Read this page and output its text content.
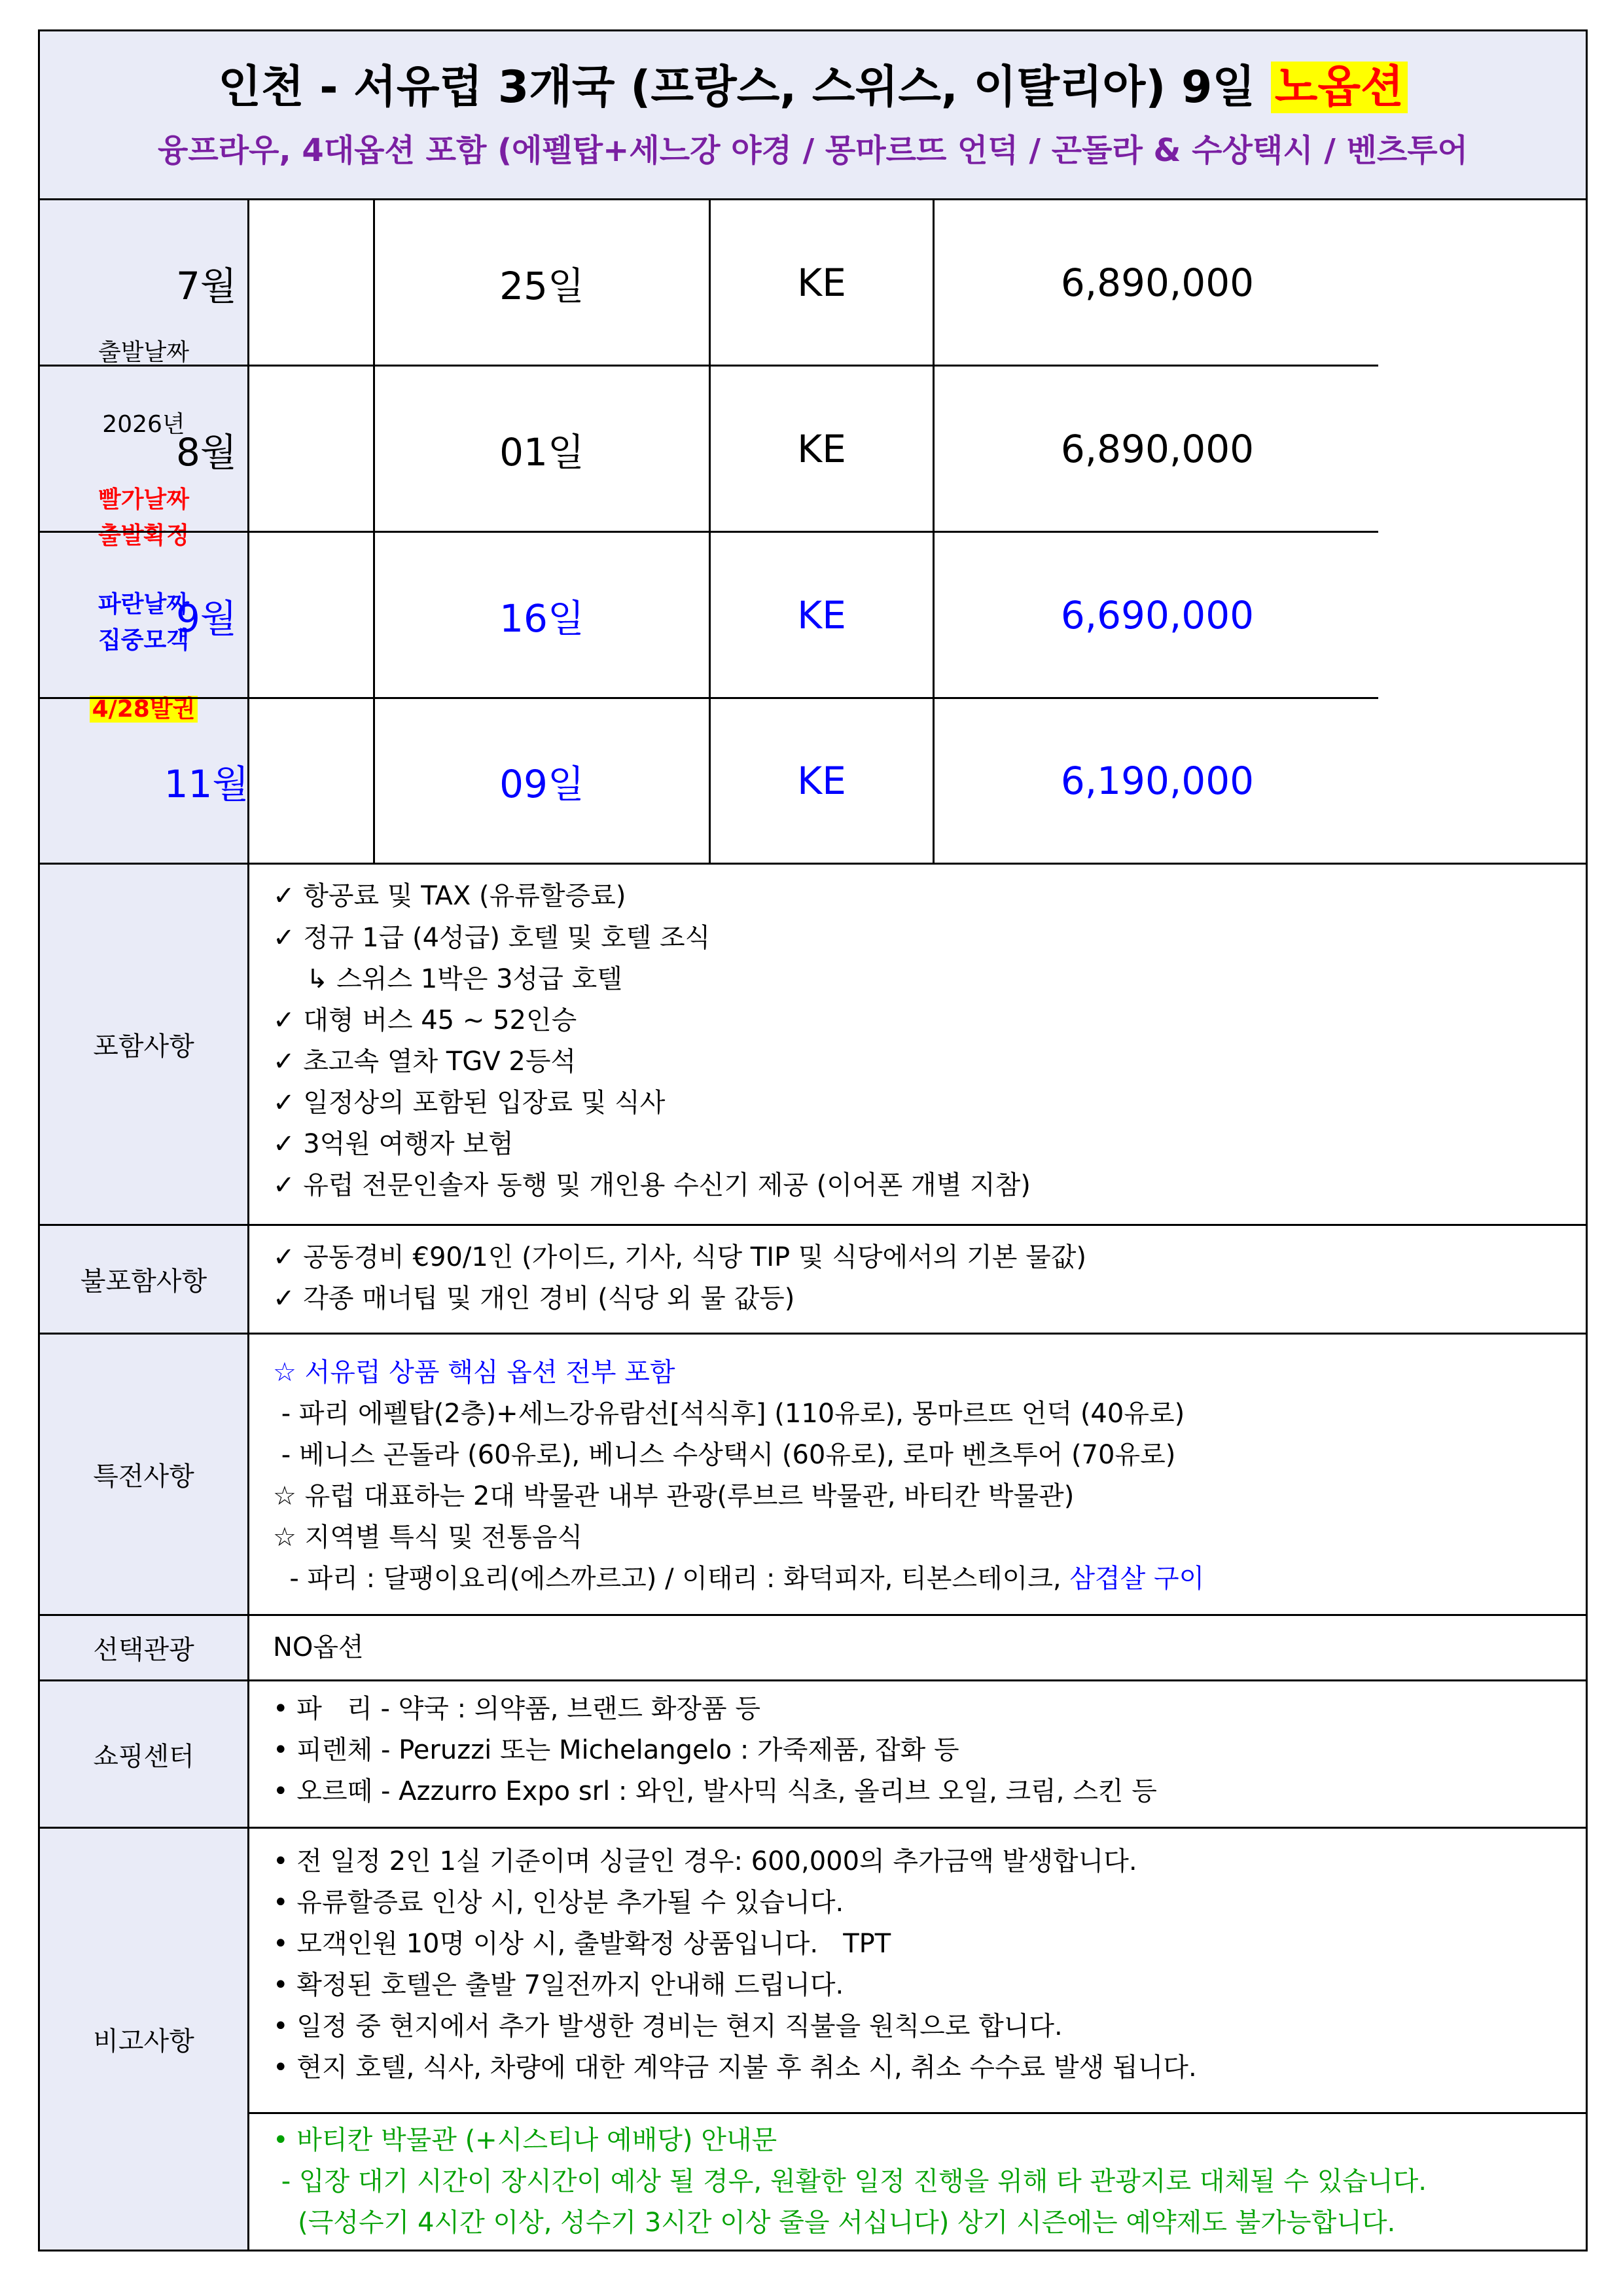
인천 - 서유럽 3개국 (프랑스, 스위스, 이탈리아) 9일 노옵션
융프라우, 4대옵션 포함 (에펠탑+세느강 야경 / 몽마르뜨 언덕 / 곤돌라 & 수상택시 / 벤츠투어
출발날짜
2026년
빨가날짜
출발확정
파란날짜
집중모객
4/28발권
7월	25일	KE	6,890,000
8월	01일	KE	6,890,000
9월	16일	KE	6,690,000
11월	09일	KE	6,190,000
포함사항
✓ 항공료 및 TAX (유류할증료)
✓ 정규 1급 (4성급) 호텔 및 호텔 조식
↳ 스위스 1박은 3성급 호텔
✓ 대형 버스 45 ~ 52인승
✓ 초고속 열차 TGV 2등석
✓ 일정상의 포함된 입장료 및 식사
✓ 3억원 여행자 보험
✓ 유럽 전문인솔자 동행 및 개인용 수신기 제공 (이어폰 개별 지참)
불포함사항
✓ 공동경비 €90/1인 (가이드, 기사, 식당 TIP 및 식당에서의 기본 물값)
✓ 각종 매너팁 및 개인 경비 (식당 외 물 값등)
특전사항
☆ 서유럽 상품 핵심 옵션 전부 포함
- 파리 에펠탑(2층)+세느강유람선[석식후] (110유로), 몽마르뜨 언덕 (40유로)
- 베니스 곤돌라 (60유로), 베니스 수상택시 (60유로), 로마 벤츠투어 (70유로)
☆ 유럽 대표하는 2대 박물관 내부 관광(루브르 박물관, 바티칸 박물관)
☆ 지역별 특식 및 전통음식
- 파리 : 달팽이요리(에스까르고) / 이태리 : 화덕피자, 티본스테이크, 삼겹살 구이
선택관광	NO옵션
쇼핑센터
• 파   리 - 약국 : 의약품, 브랜드 화장품 등
• 피렌체 - Peruzzi 또는 Michelangelo : 가죽제품, 잡화 등
• 오르떼 - Azzurro Expo srl : 와인, 발사믹 식초, 올리브 오일, 크림, 스킨 등
비고사항
• 전 일정 2인 1실 기준이며 싱글인 경우: 600,000의 추가금액 발생합니다.
• 유류할증료 인상 시, 인상분 추가될 수 있습니다.
• 모객인원 10명 이상 시, 출발확정 상품입니다.   TPT
• 확정된 호텔은 출발 7일전까지 안내해 드립니다.
• 일정 중 현지에서 추가 발생한 경비는 현지 직불을 원칙으로 합니다.
• 현지 호텔, 식사, 차량에 대한 계약금 지불 후 취소 시, 취소 수수료 발생 됩니다.
• 바티칸 박물관 (+시스티나 예배당) 안내문
- 입장 대기 시간이 장시간이 예상 될 경우, 원활한 일정 진행을 위해 타 관광지로 대체될 수 있습니다.
(극성수기 4시간 이상, 성수기 3시간 이상 줄을 서십니다) 상기 시즌에는 예약제도 불가능합니다.
